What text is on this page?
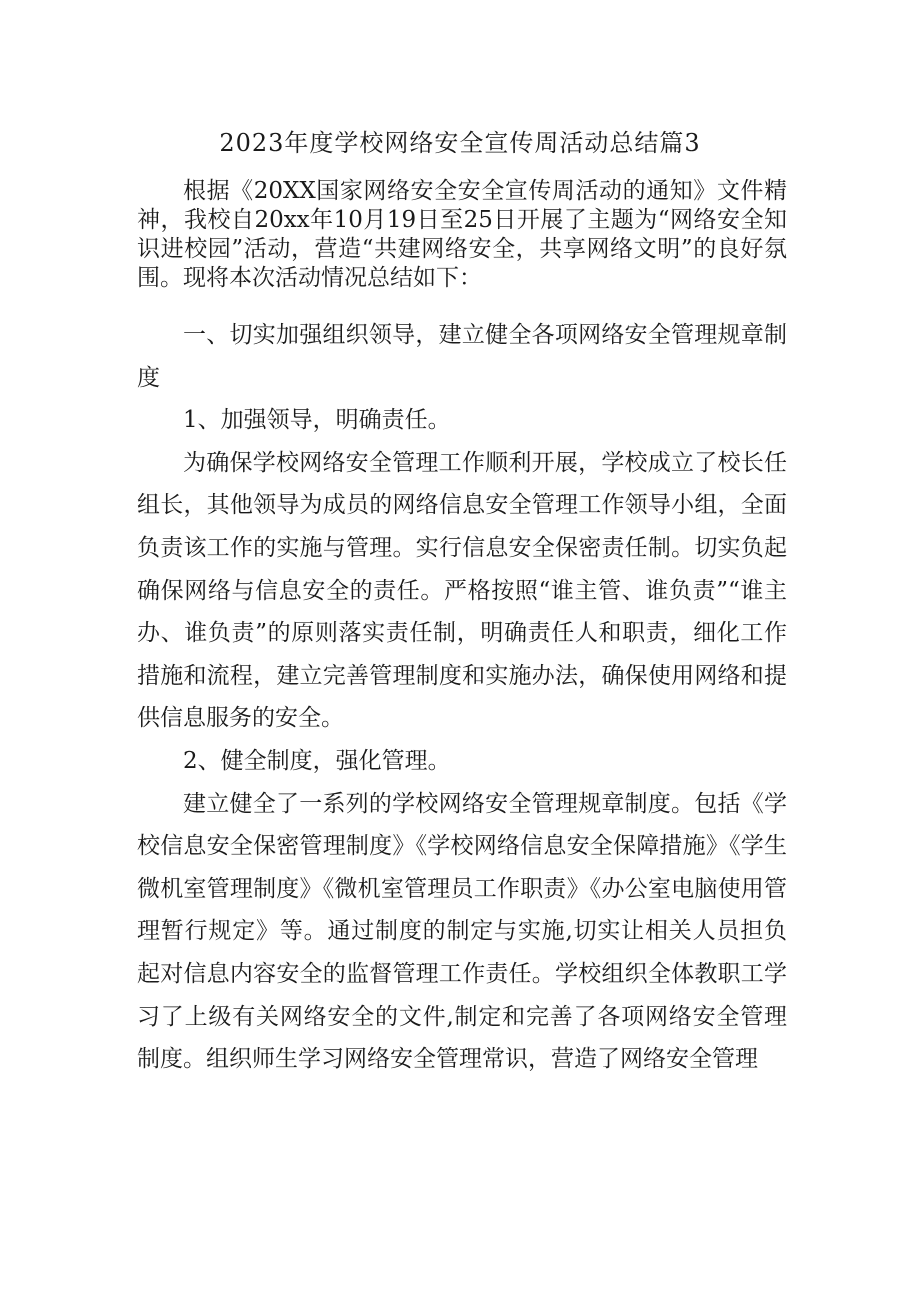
2023年度学校网络安全宣传周活动总结篇3

根据《20XX国家网络安全安全宣传周活动的通知》文件精神，我校自20xx年10月19日至25日开展了主题为“网络安全知识进校园”活动，营造“共建网络安全，共享网络文明”的良好氛围。现将本次活动情况总结如下：

一、切实加强组织领导，建立健全各项网络安全管理规章制度

1、加强领导，明确责任。

为确保学校网络安全管理工作顺利开展，学校成立了校长任组长，其他领导为成员的网络信息安全管理工作领导小组，全面负责该工作的实施与管理。实行信息安全保密责任制。切实负起确保网络与信息安全的责任。严格按照“谁主管、谁负责”“谁主办、谁负责”的原则落实责任制，明确责任人和职责，细化工作措施和流程，建立完善管理制度和实施办法，确保使用网络和提供信息服务的安全。

2、健全制度，强化管理。

建立健全了一系列的学校网络安全管理规章制度。包括《学校信息安全保密管理制度》《学校网络信息安全保障措施》《学生微机室管理制度》《微机室管理员工作职责》《办公室电脑使用管理暂行规定》等。通过制度的制定与实施,切实让相关人员担负起对信息内容安全的监督管理工作责任。学校组织全体教职工学习了上级有关网络安全的文件,制定和完善了各项网络安全管理制度。组织师生学习网络安全管理常识，营造了网络安全管理
